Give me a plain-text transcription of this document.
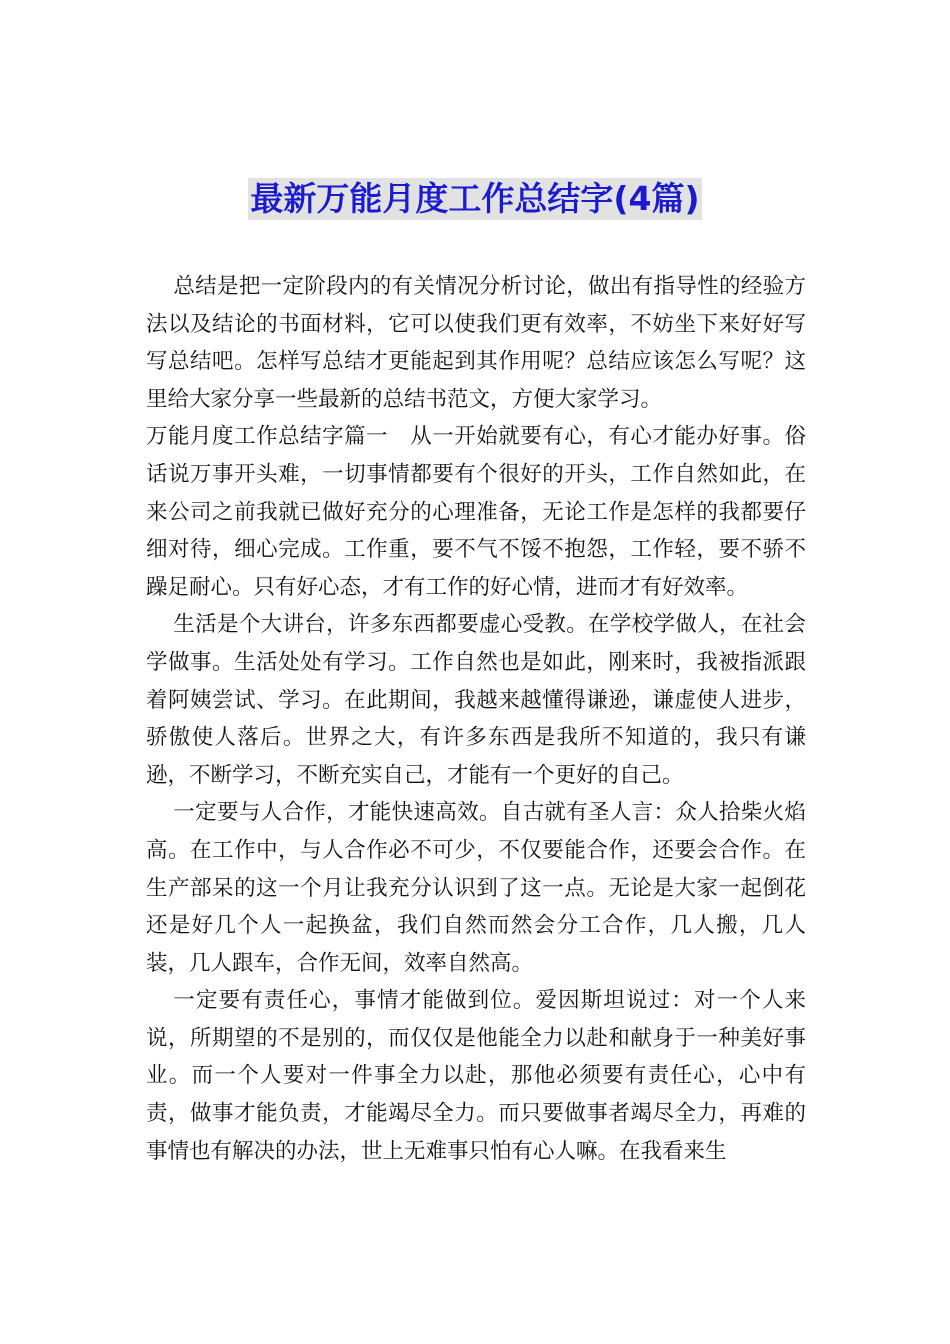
最新万能月度工作总结字(4篇)

总结是把一定阶段内的有关情况分析讨论，做出有指导性的经验方法以及结论的书面材料，它可以使我们更有效率，不妨坐下来好好写写总结吧。怎样写总结才更能起到其作用呢？总结应该怎么写呢？这里给大家分享一些最新的总结书范文，方便大家学习。

万能月度工作总结字篇一　从一开始就要有心，有心才能办好事。俗话说万事开头难，一切事情都要有个很好的开头，工作自然如此，在来公司之前我就已做好充分的心理准备，无论工作是怎样的我都要仔细对待，细心完成。工作重，要不气不馁不抱怨，工作轻，要不骄不躁足耐心。只有好心态，才有工作的好心情，进而才有好效率。

生活是个大讲台，许多东西都要虚心受教。在学校学做人，在社会学做事。生活处处有学习。工作自然也是如此，刚来时，我被指派跟着阿姨尝试、学习。在此期间，我越来越懂得谦逊，谦虚使人进步，骄傲使人落后。世界之大，有许多东西是我所不知道的，我只有谦逊，不断学习，不断充实自己，才能有一个更好的自己。

一定要与人合作，才能快速高效。自古就有圣人言：众人拾柴火焰高。在工作中，与人合作必不可少，不仅要能合作，还要会合作。在生产部呆的这一个月让我充分认识到了这一点。无论是大家一起倒花还是好几个人一起换盆，我们自然而然会分工合作，几人搬，几人装，几人跟车，合作无间，效率自然高。

一定要有责任心，事情才能做到位。爱因斯坦说过：对一个人来说，所期望的不是别的，而仅仅是他能全力以赴和献身于一种美好事业。而一个人要对一件事全力以赴，那他必须要有责任心，心中有责，做事才能负责，才能竭尽全力。而只要做事者竭尽全力，再难的事情也有解决的办法，世上无难事只怕有心人嘛。在我看来生
